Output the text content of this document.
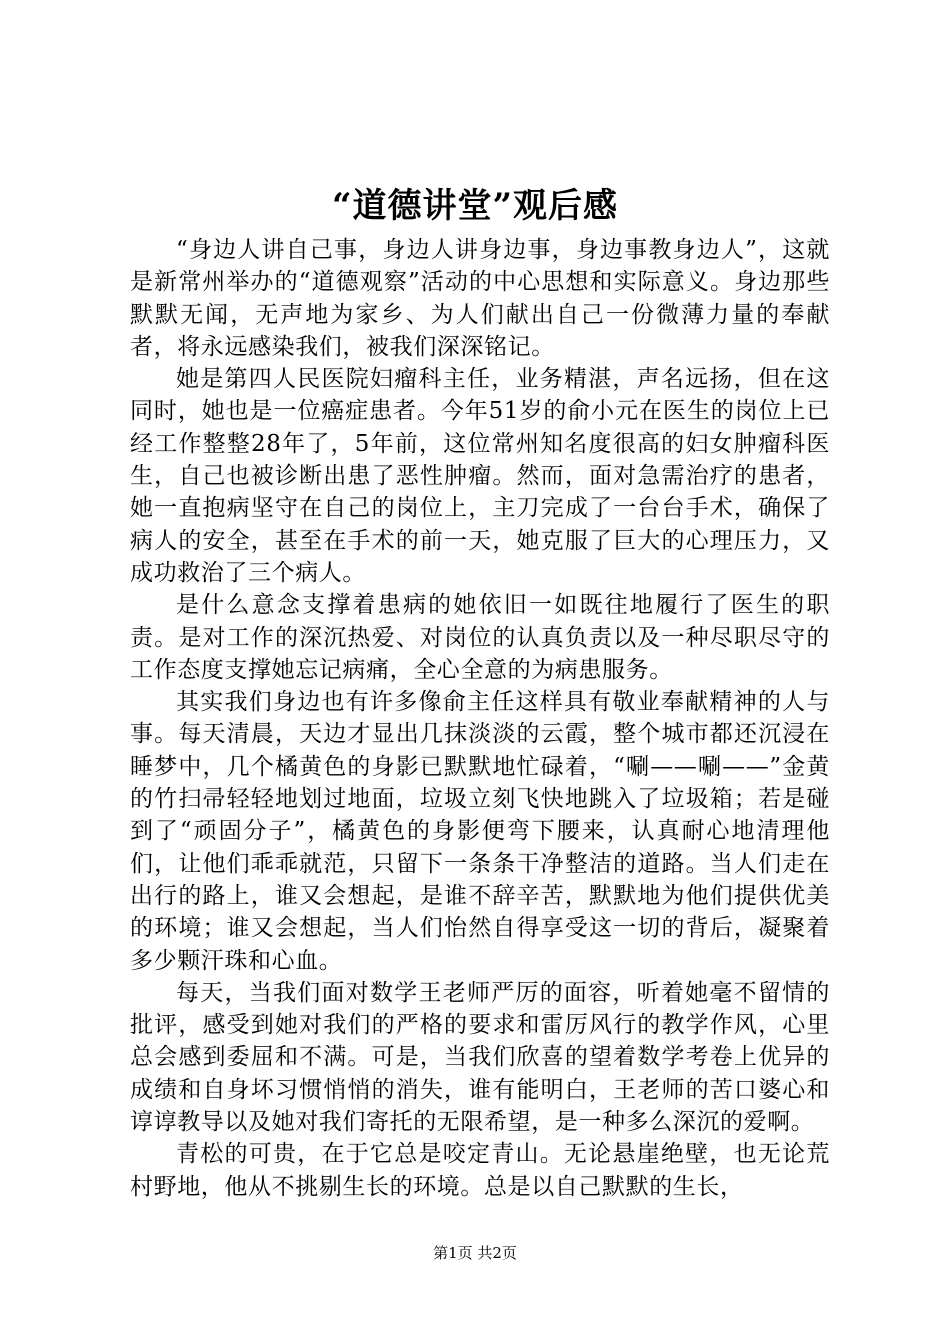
“道德讲堂”观后感

“身边人讲自己事，身边人讲身边事，身边事教身边人”，这就是新常州举办的“道德观察”活动的中心思想和实际意义。身边那些默默无闻，无声地为家乡、为人们献出自己一份微薄力量的奉献者，将永远感染我们，被我们深深铭记。

她是第四人民医院妇瘤科主任，业务精湛，声名远扬，但在这同时，她也是一位癌症患者。今年51岁的俞小元在医生的岗位上已经工作整整28年了，5年前，这位常州知名度很高的妇女肿瘤科医生，自己也被诊断出患了恶性肿瘤。然而，面对急需治疗的患者，她一直抱病坚守在自己的岗位上，主刀完成了一台台手术，确保了病人的安全，甚至在手术的前一天，她克服了巨大的心理压力，又成功救治了三个病人。

是什么意念支撑着患病的她依旧一如既往地履行了医生的职责。是对工作的深沉热爱、对岗位的认真负责以及一种尽职尽守的工作态度支撑她忘记病痛，全心全意的为病患服务。

其实我们身边也有许多像俞主任这样具有敬业奉献精神的人与事。每天清晨，天边才显出几抹淡淡的云霞，整个城市都还沉浸在睡梦中，几个橘黄色的身影已默默地忙碌着，“唰——唰——”金黄的竹扫帚轻轻地划过地面，垃圾立刻飞快地跳入了垃圾箱；若是碰到了“顽固分子”，橘黄色的身影便弯下腰来，认真耐心地清理他们，让他们乖乖就范，只留下一条条干净整洁的道路。当人们走在出行的路上，谁又会想起，是谁不辞辛苦，默默地为他们提供优美的环境；谁又会想起，当人们怡然自得享受这一切的背后，凝聚着多少颗汗珠和心血。

每天，当我们面对数学王老师严厉的面容，听着她毫不留情的批评，感受到她对我们的严格的要求和雷厉风行的教学作风，心里总会感到委屈和不满。可是，当我们欣喜的望着数学考卷上优异的成绩和自身坏习惯悄悄的消失，谁有能明白，王老师的苦口婆心和谆谆教导以及她对我们寄托的无限希望，是一种多么深沉的爱啊。

青松的可贵，在于它总是咬定青山。无论悬崖绝壁，也无论荒村野地，他从不挑剔生长的环境。总是以自己默默的生长，

第1页 共2页
